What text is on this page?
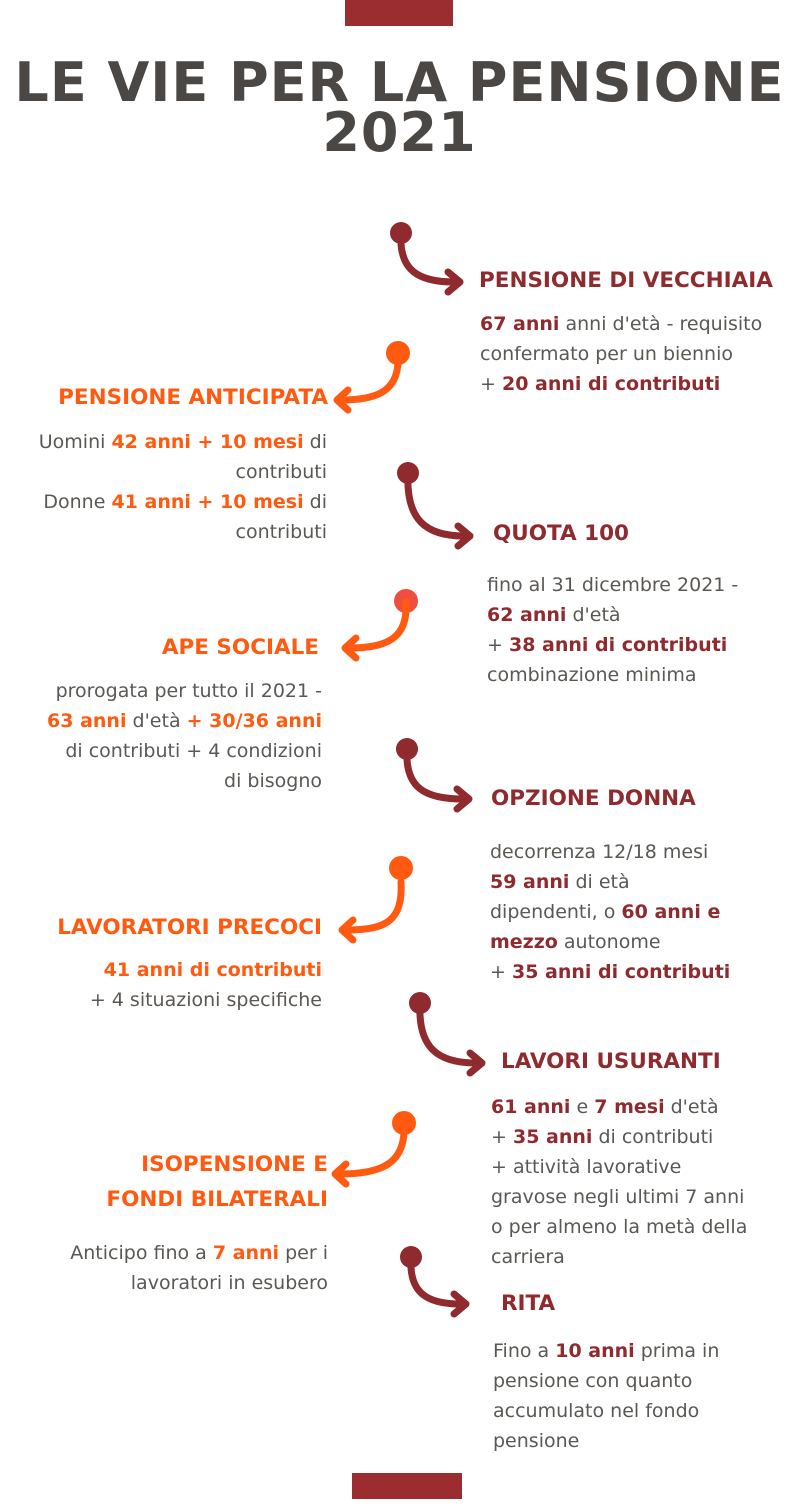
LE VIE PER LA PENSIONE
2021
PENSIONE DI VECCHIAIA
67 anni anni d'età - requisito
confermato per un biennio
+ 20 anni di contributi
PENSIONE ANTICIPATA
Uomini 42 anni + 10 mesi di
contributi
Donne 41 anni + 10 mesi di
contributi	QUOTA 100
fino al 31 dicembre 2021 -
62 anni d'età
+ 38 anni di contributi
combinazione minima
APE SOCIALE
prorogata per tutto il 2021 -
63 anni d'età + 30/36 anni
di contributi + 4 condizioni
di bisogno
OPZIONE DONNA
decorrenza 12/18 mesi
59 anni di età
dipendenti, o 60 anni e
mezzo autonome
+ 35 anni di contributi
LAVORATORI PRECOCI
41 anni di contributi
+ 4 situazioni specifiche
LAVORI USURANTI
61 anni e 7 mesi d'età
+ 35 anni di contributi
+ attività lavorative
gravose negli ultimi 7 anni
o per almeno la metà della
carriera
ISOPENSIONE E
FONDI BILATERALI
Anticipo fino a 7 anni per i
lavoratori in esubero
RITA
Fino a 10 anni prima in
pensione con quanto
accumulato nel fondo
pensione
